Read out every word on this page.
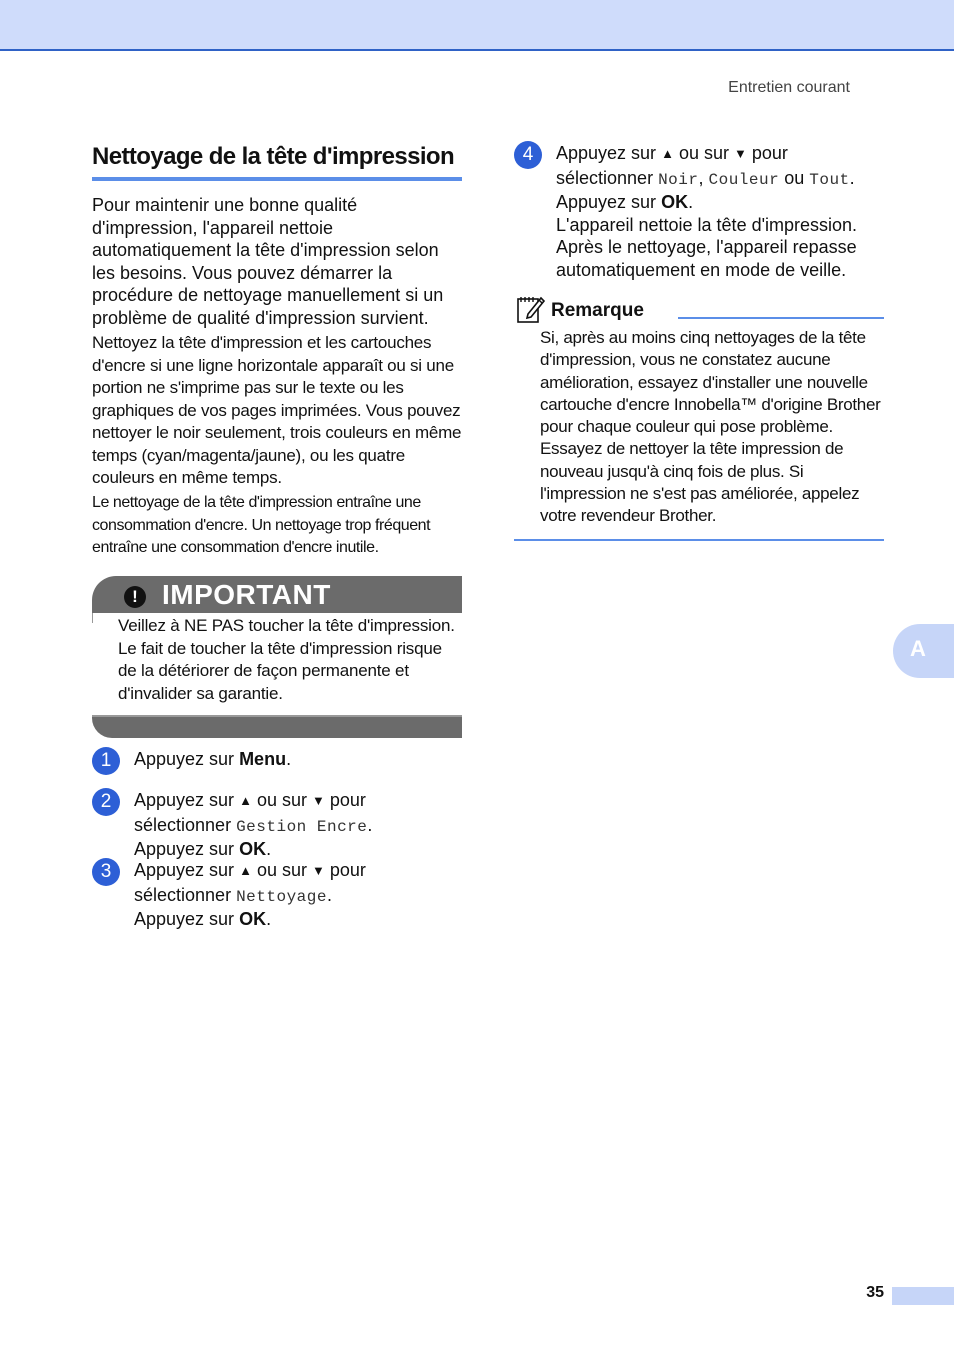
Entretien courant
Nettoyage de la tête d'impression

Pour maintenir une bonne qualité d'impression, l'appareil nettoie automatiquement la tête d'impression selon les besoins. Vous pouvez démarrer la procédure de nettoyage manuellement si un problème de qualité d'impression survient.

Nettoyez la tête d'impression et les cartouches d'encre si une ligne horizontale apparaît ou si une portion ne s'imprime pas sur le texte ou les graphiques de vos pages imprimées. Vous pouvez nettoyer le noir seulement, trois couleurs en même temps (cyan/magenta/jaune), ou les quatre couleurs en même temps.

Le nettoyage de la tête d'impression entraîne une consommation d'encre. Un nettoyage trop fréquent entraîne une consommation d'encre inutile.

! IMPORTANT

Veillez à NE PAS toucher la tête d'impression. Le fait de toucher la tête d'impression risque de la détériorer de façon permanente et d'invalider sa garantie.

1	Appuyez sur Menu.

2	Appuyez sur ▲ ou sur ▼ pour
sélectionner Gestion Encre.
Appuyez sur OK.

3	Appuyez sur ▲ ou sur ▼ pour
sélectionner Nettoyage.
Appuyez sur OK.

4	Appuyez sur ▲ ou sur ▼ pour
sélectionner Noir, Couleur ou Tout.
Appuyez sur OK.
L'appareil nettoie la tête d'impression. Après le nettoyage, l'appareil repasse automatiquement en mode de veille.

Remarque

Si, après au moins cinq nettoyages de la tête d'impression, vous ne constatez aucune amélioration, essayez d'installer une nouvelle cartouche d'encre Innobella™ d'origine Brother pour chaque couleur qui pose problème. Essayez de nettoyer la tête impression de nouveau jusqu'à cinq fois de plus. Si l'impression ne s'est pas améliorée, appelez votre revendeur Brother.

A
35
